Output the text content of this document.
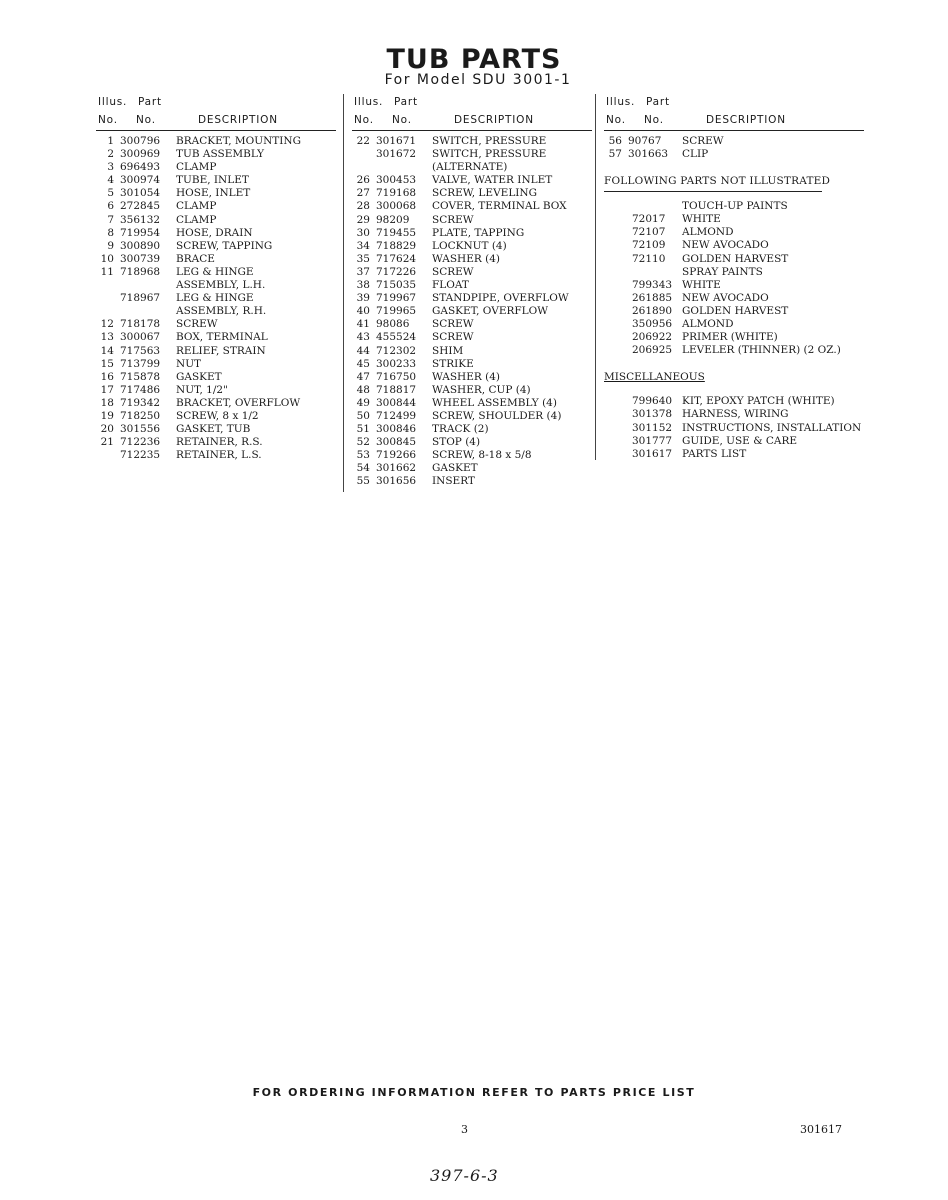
TUB PARTS
For Model SDU 3001-1
Illus. Part
No. No.	DESCRIPTION
1 300796 BRACKET, MOUNTING
2 300969 TUB ASSEMBLY
3 696493 CLAMP
4 300974 TUBE, INLET
5 301054 HOSE, INLET
6 272845 CLAMP
7 356132 CLAMP
8 719954 HOSE, DRAIN
9 300890 SCREW, TAPPING
10 300739 BRACE
11 718968 LEG & HINGE
ASSEMBLY, L.H.
718967 LEG & HINGE
ASSEMBLY, R.H.
12 718178 SCREW
13 300067 BOX, TERMINAL
14 717563 RELIEF, STRAIN
15 713799 NUT
16 715878 GASKET
17 717486 NUT, 1/2"
18 719342 BRACKET, OVERFLOW
19 718250 SCREW, 8 x 1/2
20 301556 GASKET, TUB
21 712236 RETAINER, R.S.
712235 RETAINER, L.S.
Illus. Part
No. No.	DESCRIPTION
22 301671 SWITCH, PRESSURE
301672 SWITCH, PRESSURE
(ALTERNATE)
26 300453 VALVE, WATER INLET
27 719168 SCREW, LEVELING
28 300068 COVER, TERMINAL BOX
29 98209 SCREW
30 719455 PLATE, TAPPING
34 718829 LOCKNUT (4)
35 717624 WASHER (4)
37 717226 SCREW
38 715035 FLOAT
39 719967 STANDPIPE, OVERFLOW
40 719965 GASKET, OVERFLOW
41 98086 SCREW
43 455524 SCREW
44 712302 SHIM
45 300233 STRIKE
47 716750 WASHER (4)
48 718817 WASHER, CUP (4)
49 300844 WHEEL ASSEMBLY (4)
50 712499 SCREW, SHOULDER (4)
51 300846 TRACK (2)
52 300845 STOP (4)
53 719266 SCREW, 8-18 x 5/8
54 301662 GASKET
55 301656 INSERT
Illus. Part
No. No.	DESCRIPTION
56 90767 SCREW
57 301663 CLIP
FOLLOWING PARTS NOT ILLUSTRATED
TOUCH-UP PAINTS
72017 WHITE
72107 ALMOND
72109 NEW AVOCADO
72110 GOLDEN HARVEST
SPRAY PAINTS
799343 WHITE
261885 NEW AVOCADO
261890 GOLDEN HARVEST
350956 ALMOND
206922 PRIMER (WHITE)
206925 LEVELER (THINNER) (2 OZ.)
MISCELLANEOUS
799640 KIT, EPOXY PATCH (WHITE)
301378 HARNESS, WIRING
301152 INSTRUCTIONS, INSTALLATION
301777 GUIDE, USE & CARE
301617 PARTS LIST
FOR ORDERING INFORMATION REFER TO PARTS PRICE LIST
3	301617
397-6-3
